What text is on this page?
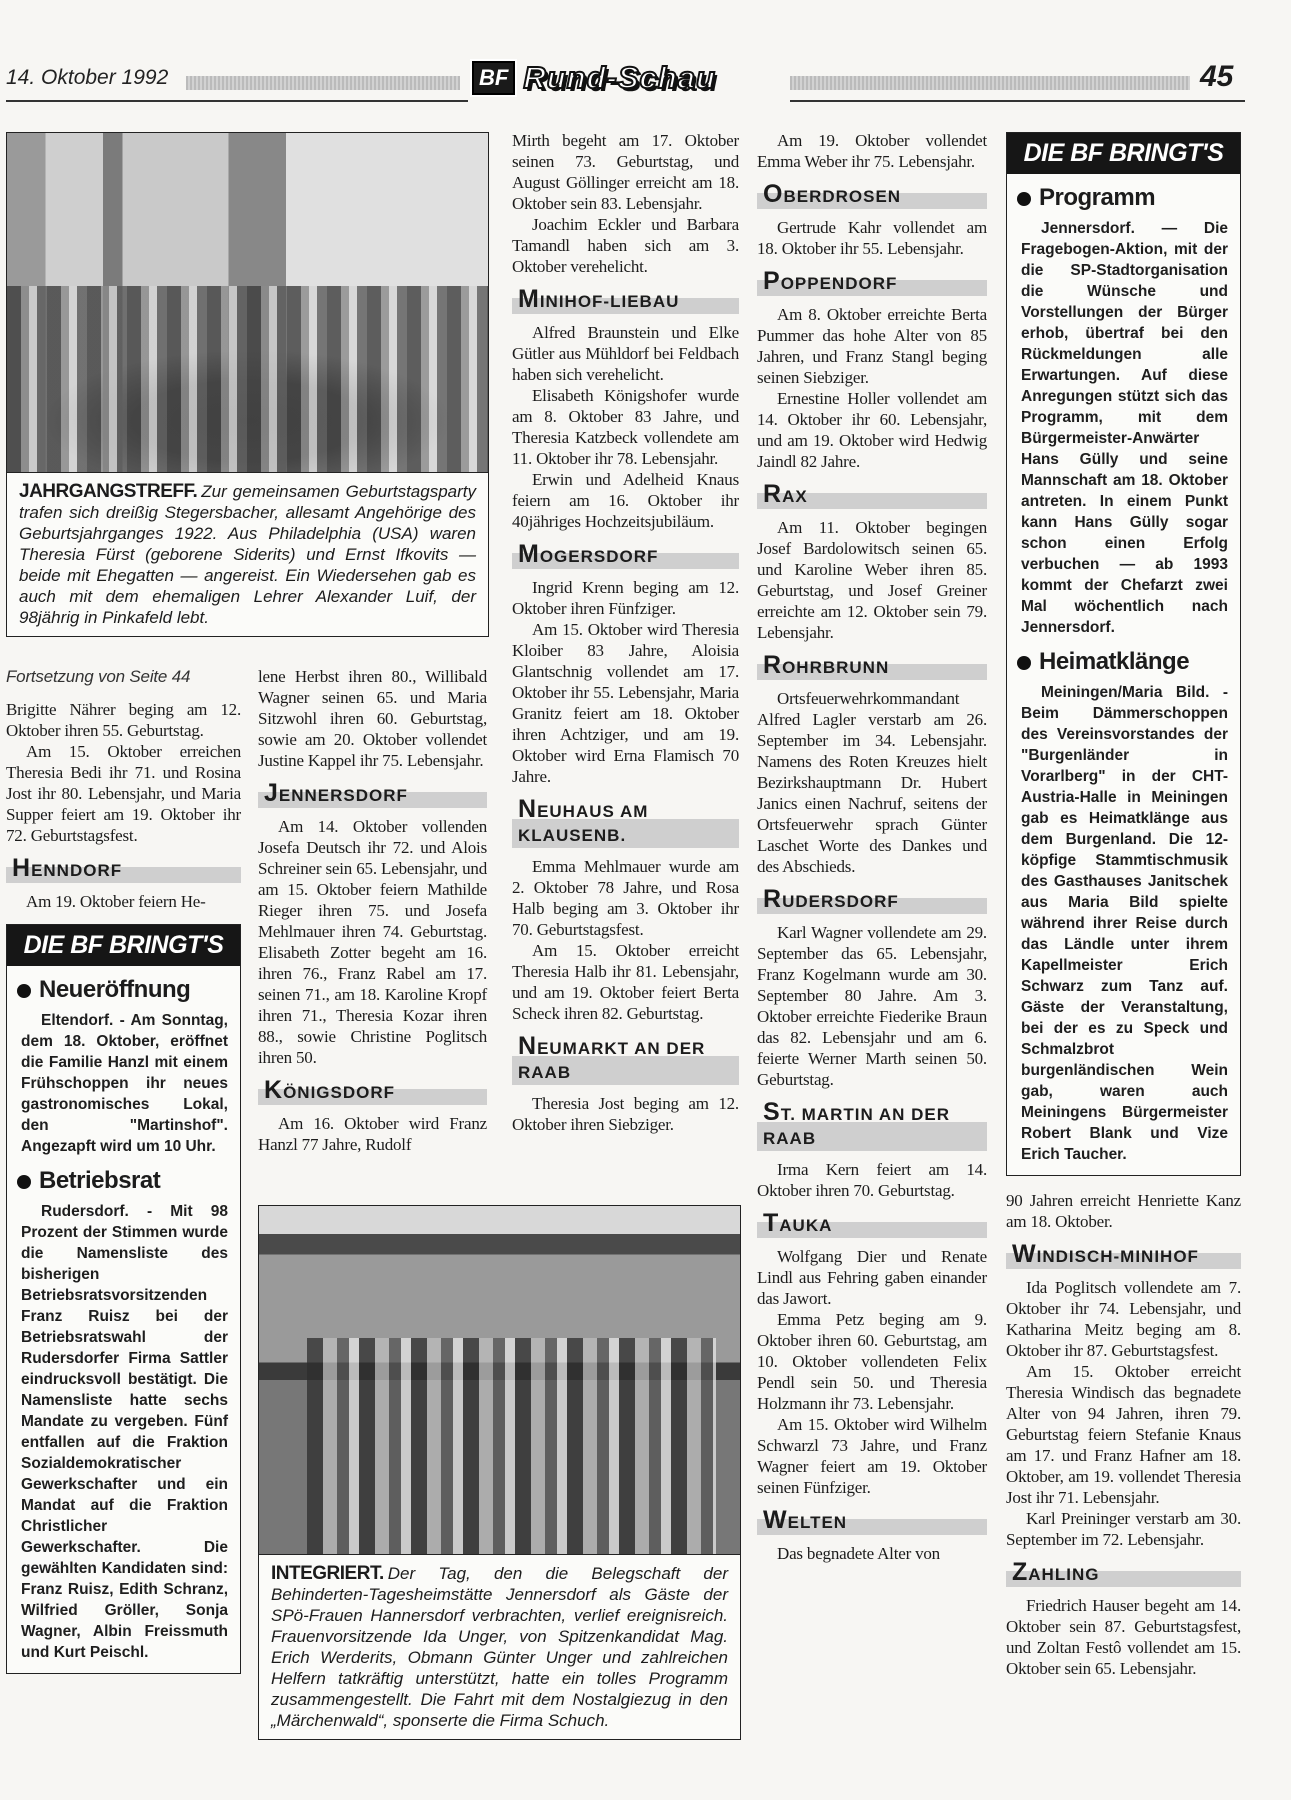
14. Oktober 1992	BF Rund-Schau	45
JAHRGANGSTREFF. Zur gemeinsamen Geburtstagsparty trafen sich dreißig Stegersbacher, allesamt Angehörige des Geburtsjahrganges 1922. Aus Philadelphia (USA) waren Theresia Fürst (geborene Siderits) und Ernst Ifkovits — beide mit Ehegatten — angereist. Ein Wiedersehen gab es auch mit dem ehemaligen Lehrer Alexander Luif, der 98jährig in Pinkafeld lebt.
INTEGRIERT. Der Tag, den die Belegschaft der Behinderten-Tagesheimstätte Jennersdorf als Gäste der SPö-Frauen Hannersdorf verbrachten, verlief ereignisreich. Frauenvorsitzende Ida Unger, von Spitzenkandidat Mag. Erich Werderits, Obmann Günter Unger und zahlreichen Helfern tatkräftig unterstützt, hatte ein tolles Programm zusammengestellt. Die Fahrt mit dem Nostalgiezug in den „Märchenwald“, sponserte die Firma Schuch.
Fortsetzung von Seite 44

Brigitte Nährer beging am 12. Oktober ihren 55. Geburtstag.

Am 15. Oktober erreichen Theresia Bedi ihr 71. und Rosina Jost ihr 80. Lebensjahr, und Maria Supper feiert am 19. Oktober ihr 72. Geburtstagsfest.

HENNDORF

Am 19. Oktober feiern He-

DIE BF BRINGT'S
Neueröffnung

Eltendorf. - Am Sonntag, dem 18. Oktober, eröffnet die Familie Hanzl mit einem Frühschoppen ihr neues gastronomisches Lokal, den "Martinshof". Angezapft wird um 10 Uhr.

Betriebsrat

Rudersdorf. - Mit 98 Prozent der Stimmen wurde die Namensliste des bisherigen Betriebsratsvorsitzenden Franz Ruisz bei der Betriebsratswahl der Rudersdorfer Firma Sattler eindrucksvoll bestätigt. Die Namensliste hatte sechs Mandate zu vergeben. Fünf entfallen auf die Fraktion Sozialdemokratischer Gewerkschafter und ein Mandat auf die Fraktion Christlicher Gewerkschafter. Die gewählten Kandidaten sind: Franz Ruisz, Edith Schranz, Wilfried Gröller, Sonja Wagner, Albin Freissmuth und Kurt Peischl.

lene Herbst ihren 80., Willibald Wagner seinen 65. und Maria Sitzwohl ihren 60. Geburtstag, sowie am 20. Oktober vollendet Justine Kappel ihr 75. Lebensjahr.

JENNERSDORF

Am 14. Oktober vollenden Josefa Deutsch ihr 72. und Alois Schreiner sein 65. Lebensjahr, und am 15. Oktober feiern Mathilde Rieger ihren 75. und Josefa Mehlmauer ihren 74. Geburtstag. Elisabeth Zotter begeht am 16. ihren 76., Franz Rabel am 17. seinen 71., am 18. Karoline Kropf ihren 71., Theresia Kozar ihren 88., sowie Christine Poglitsch ihren 50.

KÖNIGSDORF

Am 16. Oktober wird Franz Hanzl 77 Jahre, Rudolf

Mirth begeht am 17. Oktober seinen 73. Geburtstag, und August Göllinger erreicht am 18. Oktober sein 83. Lebensjahr.

Joachim Eckler und Barbara Tamandl haben sich am 3. Oktober verehelicht.

MINIHOF-LIEBAU

Alfred Braunstein und Elke Gütler aus Mühldorf bei Feldbach haben sich verehelicht.

Elisabeth Königshofer wurde am 8. Oktober 83 Jahre, und Theresia Katzbeck vollendete am 11. Oktober ihr 78. Lebensjahr.

Erwin und Adelheid Knaus feiern am 16. Oktober ihr 40jähriges Hochzeitsjubiläum.

MOGERSDORF

Ingrid Krenn beging am 12. Oktober ihren Fünfziger.

Am 15. Oktober wird Theresia Kloiber 83 Jahre, Aloisia Glantschnig vollendet am 17. Oktober ihr 55. Lebensjahr, Maria Granitz feiert am 18. Oktober ihren Achtziger, und am 19. Oktober wird Erna Flamisch 70 Jahre.

NEUHAUS AM KLAUSENB.

Emma Mehlmauer wurde am 2. Oktober 78 Jahre, und Rosa Halb beging am 3. Oktober ihr 70. Geburtstagsfest.

Am 15. Oktober erreicht Theresia Halb ihr 81. Lebensjahr, und am 19. Oktober feiert Berta Scheck ihren 82. Geburtstag.

NEUMARKT AN DER RAAB

Theresia Jost beging am 12. Oktober ihren Siebziger.

Am 19. Oktober vollendet Emma Weber ihr 75. Lebensjahr.

OBERDROSEN

Gertrude Kahr vollendet am 18. Oktober ihr 55. Lebensjahr.

POPPENDORF

Am 8. Oktober erreichte Berta Pummer das hohe Alter von 85 Jahren, und Franz Stangl beging seinen Siebziger.

Ernestine Holler vollendet am 14. Oktober ihr 60. Lebensjahr, und am 19. Oktober wird Hedwig Jaindl 82 Jahre.

RAX

Am 11. Oktober begingen Josef Bardolowitsch seinen 65. und Karoline Weber ihren 85. Geburtstag, und Josef Greiner erreichte am 12. Oktober sein 79. Lebensjahr.

ROHRBRUNN

Ortsfeuerwehrkommandant Alfred Lagler verstarb am 26. September im 34. Lebensjahr. Namens des Roten Kreuzes hielt Bezirkshauptmann Dr. Hubert Janics einen Nachruf, seitens der Ortsfeuerwehr sprach Günter Laschet Worte des Dankes und des Abschieds.

RUDERSDORF

Karl Wagner vollendete am 29. September das 65. Lebensjahr, Franz Kogelmann wurde am 30. September 80 Jahre. Am 3. Oktober erreichte Fiederike Braun das 82. Lebensjahr und am 6. feierte Werner Marth seinen 50. Geburtstag.

ST. MARTIN AN DER RAAB

Irma Kern feiert am 14. Oktober ihren 70. Geburtstag.

TAUKA

Wolfgang Dier und Renate Lindl aus Fehring gaben einander das Jawort.

Emma Petz beging am 9. Oktober ihren 60. Geburtstag, am 10. Oktober vollendeten Felix Pendl sein 50. und Theresia Holzmann ihr 73. Lebensjahr.

Am 15. Oktober wird Wilhelm Schwarzl 73 Jahre, und Franz Wagner feiert am 19. Oktober seinen Fünfziger.

WELTEN

Das begnadete Alter von

DIE BF BRINGT'S
Programm

Jennersdorf. — Die Fragebogen-Aktion, mit der die SP-Stadtorganisation die Wünsche und Vorstellungen der Bürger erhob, übertraf bei den Rückmeldungen alle Erwartungen. Auf diese Anregungen stützt sich das Programm, mit dem Bürgermeister-Anwärter Hans Gülly und seine Mannschaft am 18. Oktober antreten. In einem Punkt kann Hans Gülly sogar schon einen Erfolg verbuchen — ab 1993 kommt der Chefarzt zwei Mal wöchentlich nach Jennersdorf.

Heimatklänge

Meiningen/Maria Bild. - Beim Dämmerschoppen des Vereinsvorstandes der "Burgenländer in Vorarlberg" in der CHT-Austria-Halle in Meiningen gab es Heimatklänge aus dem Burgenland. Die 12-köpfige Stammtischmusik des Gasthauses Janitschek aus Maria Bild spielte während ihrer Reise durch das Ländle unter ihrem Kapellmeister Erich Schwarz zum Tanz auf. Gäste der Veranstaltung, bei der es zu Speck und Schmalzbrot burgenländischen Wein gab, waren auch Meiningens Bürgermeister Robert Blank und Vize Erich Taucher.

90 Jahren erreicht Henriette Kanz am 18. Oktober.

WINDISCH-MINIHOF

Ida Poglitsch vollendete am 7. Oktober ihr 74. Lebensjahr, und Katharina Meitz beging am 8. Oktober ihr 87. Geburtstagsfest.

Am 15. Oktober erreicht Theresia Windisch das begnadete Alter von 94 Jahren, ihren 79. Geburtstag feiern Stefanie Knaus am 17. und Franz Hafner am 18. Oktober, am 19. vollendet Theresia Jost ihr 71. Lebensjahr.

Karl Preininger verstarb am 30. September im 72. Lebensjahr.

ZAHLING

Friedrich Hauser begeht am 14. Oktober sein 87. Geburtstagsfest, und Zoltan Festô vollendet am 15. Oktober sein 65. Lebensjahr.
